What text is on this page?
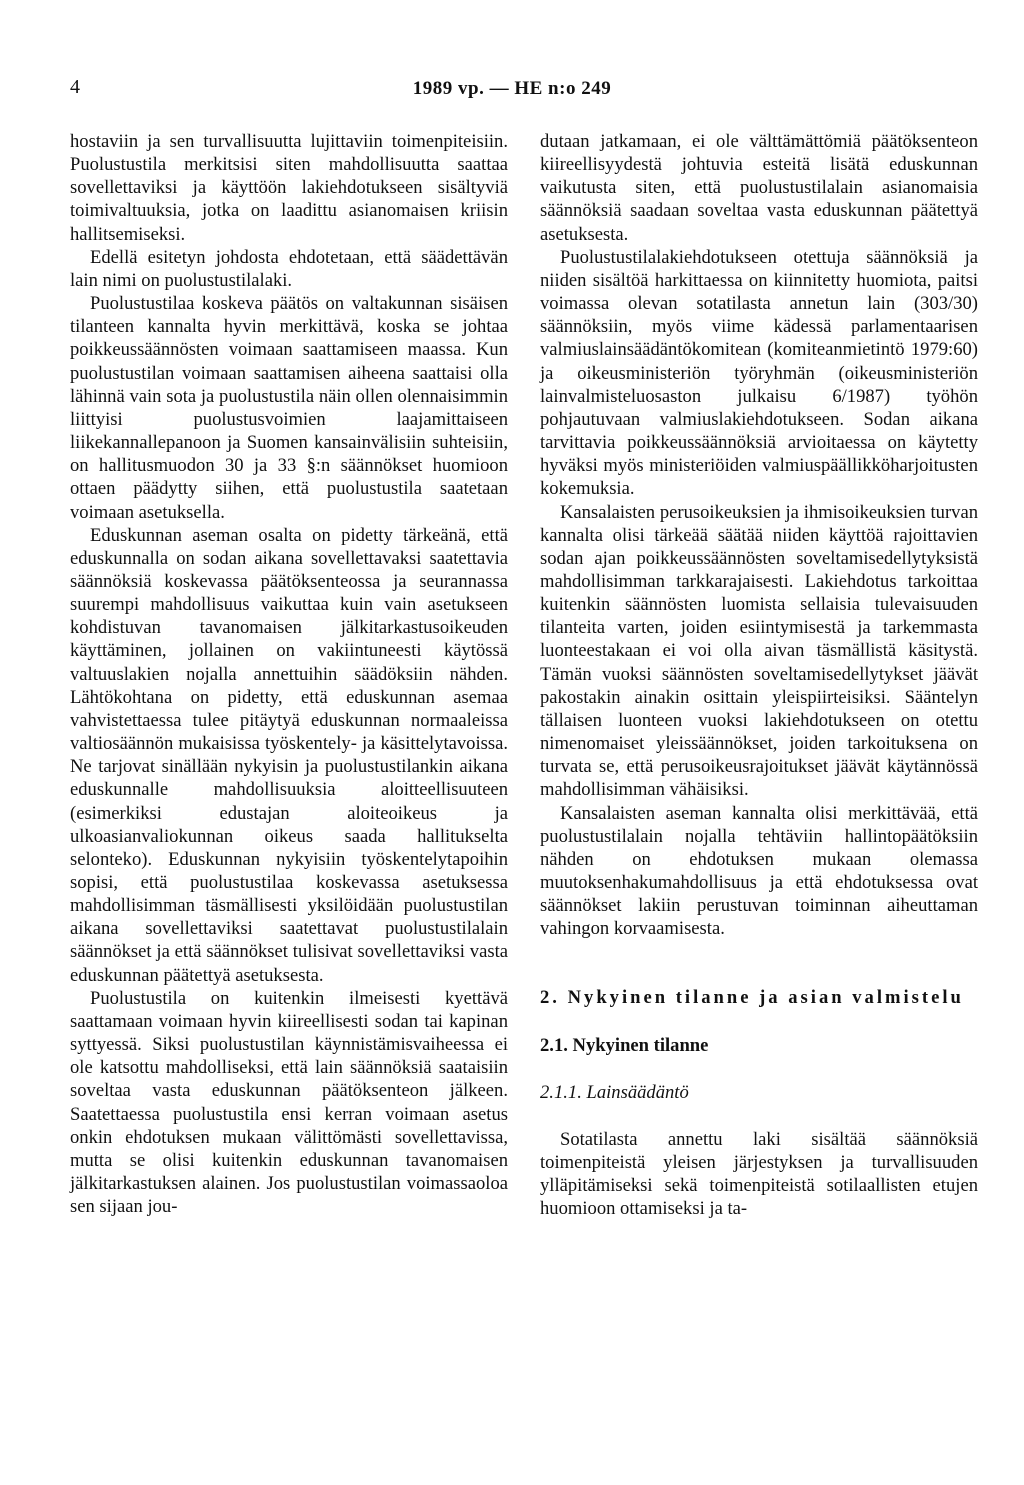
4	1989 vp. — HE n:o 249

hostaviin ja sen turvallisuutta lujittaviin toimenpiteisiin. Puolustustila merkitsisi siten mahdollisuutta saattaa sovellettaviksi ja käyttöön lakiehdotukseen sisältyviä toimivaltuuksia, jotka on laadittu asianomaisen kriisin hallitsemiseksi.

Edellä esitetyn johdosta ehdotetaan, että säädettävän lain nimi on puolustustilalaki.

Puolustustilaa koskeva päätös on valtakunnan sisäisen tilanteen kannalta hyvin merkittävä, koska se johtaa poikkeussäännösten voimaan saattamiseen maassa. Kun puolustustilan voimaan saattamisen aiheena saattaisi olla lähinnä vain sota ja puolustustila näin ollen olennaisimmin liittyisi puolustusvoimien laajamittaiseen liikekannallepanoon ja Suomen kansainvälisiin suhteisiin, on hallitusmuodon 30 ja 33 §:n säännökset huomioon ottaen päädytty siihen, että puolustustila saatetaan voimaan asetuksella.

Eduskunnan aseman osalta on pidetty tärkeänä, että eduskunnalla on sodan aikana sovellettavaksi saatettavia säännöksiä koskevassa päätöksenteossa ja seurannassa suurempi mahdollisuus vaikuttaa kuin vain asetukseen kohdistuvan tavanomaisen jälkitarkastusoikeuden käyttäminen, jollainen on vakiintuneesti käytössä valtuuslakien nojalla annettuihin säädöksiin nähden. Lähtökohtana on pidetty, että eduskunnan asemaa vahvistettaessa tulee pitäytyä eduskunnan normaaleissa valtiosäännön mukaisissa työskentely- ja käsittelytavoissa. Ne tarjovat sinällään nykyisin ja puolustustilankin aikana eduskunnalle mahdollisuuksia aloitteellisuuteen (esimerkiksi edustajan aloiteoikeus ja ulkoasianvaliokunnan oikeus saada hallitukselta selonteko). Eduskunnan nykyisiin työskentelytapoihin sopisi, että puolustustilaa koskevassa asetuksessa mahdollisimman täsmällisesti yksilöidään puolustustilan aikana sovellettaviksi saatettavat puolustustilalain säännökset ja että säännökset tulisivat sovellettaviksi vasta eduskunnan päätettyä asetuksesta.

Puolustustila on kuitenkin ilmeisesti kyettävä saattamaan voimaan hyvin kiireellisesti sodan tai kapinan syttyessä. Siksi puolustustilan käynnistämisvaiheessa ei ole katsottu mahdolliseksi, että lain säännöksiä saataisiin soveltaa vasta eduskunnan päätöksenteon jälkeen. Saatettaessa puolustustila ensi kerran voimaan asetus onkin ehdotuksen mukaan välittömästi sovellettavissa, mutta se olisi kuitenkin eduskunnan tavanomaisen jälkitarkastuksen alainen. Jos puolustustilan voimassaoloa sen sijaan jou-

dutaan jatkamaan, ei ole välttämättömiä päätöksenteon kiireellisyydestä johtuvia esteitä lisätä eduskunnan vaikutusta siten, että puolustustilalain asianomaisia säännöksiä saadaan soveltaa vasta eduskunnan päätettyä asetuksesta.

Puolustustilalakiehdotukseen otettuja säännöksiä ja niiden sisältöä harkittaessa on kiinnitetty huomiota, paitsi voimassa olevan sotatilasta annetun lain (303/30) säännöksiin, myös viime kädessä parlamentaarisen valmiuslainsäädäntökomitean (komiteanmietintö 1979:60) ja oikeusministeriön työryhmän (oikeusministeriön lainvalmisteluosaston julkaisu 6/1987) työhön pohjautuvaan valmiuslakiehdotukseen. Sodan aikana tarvittavia poikkeussäännöksiä arvioitaessa on käytetty hyväksi myös ministeriöiden valmiuspäällikköharjoitusten kokemuksia.

Kansalaisten perusoikeuksien ja ihmisoikeuksien turvan kannalta olisi tärkeää säätää niiden käyttöä rajoittavien sodan ajan poikkeussäännösten soveltamisedellytyksistä mahdollisimman tarkkarajaisesti. Lakiehdotus tarkoittaa kuitenkin säännösten luomista sellaisia tulevaisuuden tilanteita varten, joiden esiintymisestä ja tarkemmasta luonteestakaan ei voi olla aivan täsmällistä käsitystä. Tämän vuoksi säännösten soveltamisedellytykset jäävät pakostakin ainakin osittain yleispiirteisiksi. Sääntelyn tällaisen luonteen vuoksi lakiehdotukseen on otettu nimenomaiset yleissäännökset, joiden tarkoituksena on turvata se, että perusoikeusrajoitukset jäävät käytännössä mahdollisimman vähäisiksi.

Kansalaisten aseman kannalta olisi merkittävää, että puolustustilalain nojalla tehtäviin hallintopäätöksiin nähden on ehdotuksen mukaan olemassa muutoksenhakumahdollisuus ja että ehdotuksessa ovat säännökset lakiin perustuvan toiminnan aiheuttaman vahingon korvaamisesta.

2. Nykyinen tilanne ja asian valmistelu
2.1. Nykyinen tilanne
2.1.1. Lainsäädäntö

Sotatilasta annettu laki sisältää säännöksiä toimenpiteistä yleisen järjestyksen ja turvallisuuden ylläpitämiseksi sekä toimenpiteistä sotilaallisten etujen huomioon ottamiseksi ja ta-
